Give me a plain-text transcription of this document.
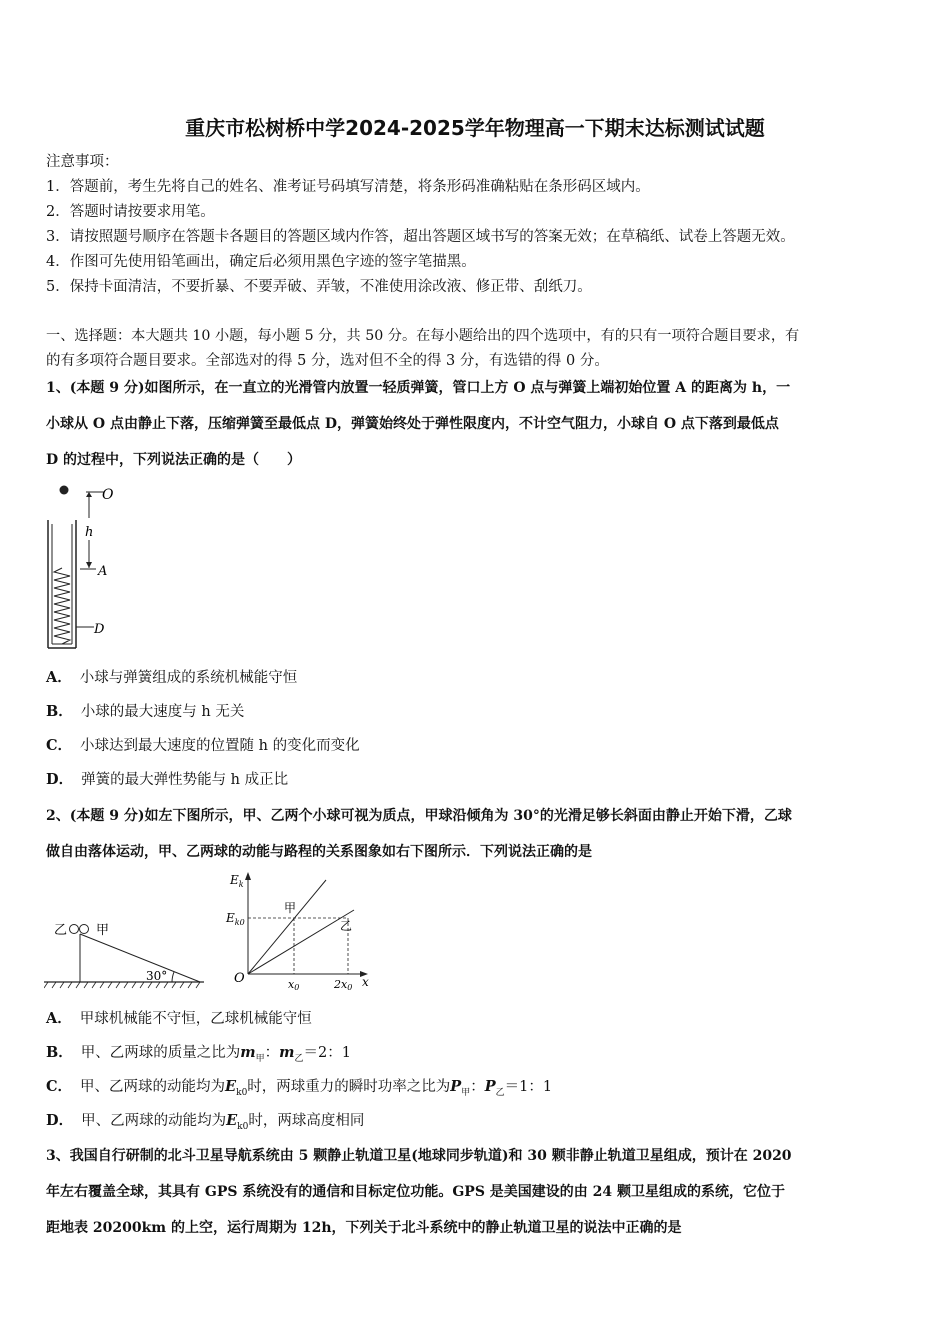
重庆市松树桥中学2024-2025学年物理高一下期末达标测试试题
注意事项：
1．答题前，考生先将自己的姓名、准考证号码填写清楚，将条形码准确粘贴在条形码区域内。
2．答题时请按要求用笔。
3．请按照题号顺序在答题卡各题目的答题区域内作答，超出答题区域书写的答案无效；在草稿纸、试卷上答题无效。
4．作图可先使用铅笔画出，确定后必须用黑色字迹的签字笔描黑。
5．保持卡面清洁，不要折暴、不要弄破、弄皱，不准使用涂改液、修正带、刮纸刀。
一、选择题：本大题共 10 小题，每小题 5 分，共 50 分。在每小题给出的四个选项中，有的只有一项符合题目要求，有
的有多项符合题目要求。全部选对的得 5 分，选对但不全的得 3 分，有选错的得 0 分。
1、(本题 9 分)如图所示，在一直立的光滑管内放置一轻质弹簧，管口上方 O 点与弹簧上端初始位置 A 的距离为 h，一
小球从 O 点由静止下落，压缩弹簧至最低点 D，弹簧始终处于弹性限度内，不计空气阻力，小球自 O 点下落到最低点
D 的过程中，下列说法正确的是（　　）
O
h
A
D
A． 小球与弹簧组成的系统机械能守恒
B． 小球的最大速度与 h 无关
C． 小球达到最大速度的位置随 h 的变化而变化
D． 弹簧的最大弹性势能与 h 成正比
2、(本题 9 分)如左下图所示，甲、乙两个小球可视为质点，甲球沿倾角为 30°的光滑足够长斜面由静止开始下滑，乙球
做自由落体运动，甲、乙两球的动能与路程的关系图象如右下图所示．下列说法正确的是
乙 甲
30°
$E_k$
x
O
$E_{k0}$
甲
乙
x0	2x0
A． 甲球机械能不守恒，乙球机械能守恒
B． 甲、乙两球的质量之比为$m_甲$：$m_乙=2$：1
C． 甲、乙两球的动能均为$E_{k0}$时，两球重力的瞬时功率之比为$P_甲$：$P_乙=1$：1
D． 甲、乙两球的动能均为$E_{k0}$时，两球高度相同
3、我国自行研制的北斗卫星导航系统由 5 颗静止轨道卫星(地球同步轨道)和 30 颗非静止轨道卫星组成，预计在 2020
年左右覆盖全球，其具有 GPS 系统没有的通信和目标定位功能。GPS 是美国建设的由 24 颗卫星组成的系统，它位于
距地表 20200km 的上空，运行周期为 12h，下列关于北斗系统中的静止轨道卫星的说法中正确的是
